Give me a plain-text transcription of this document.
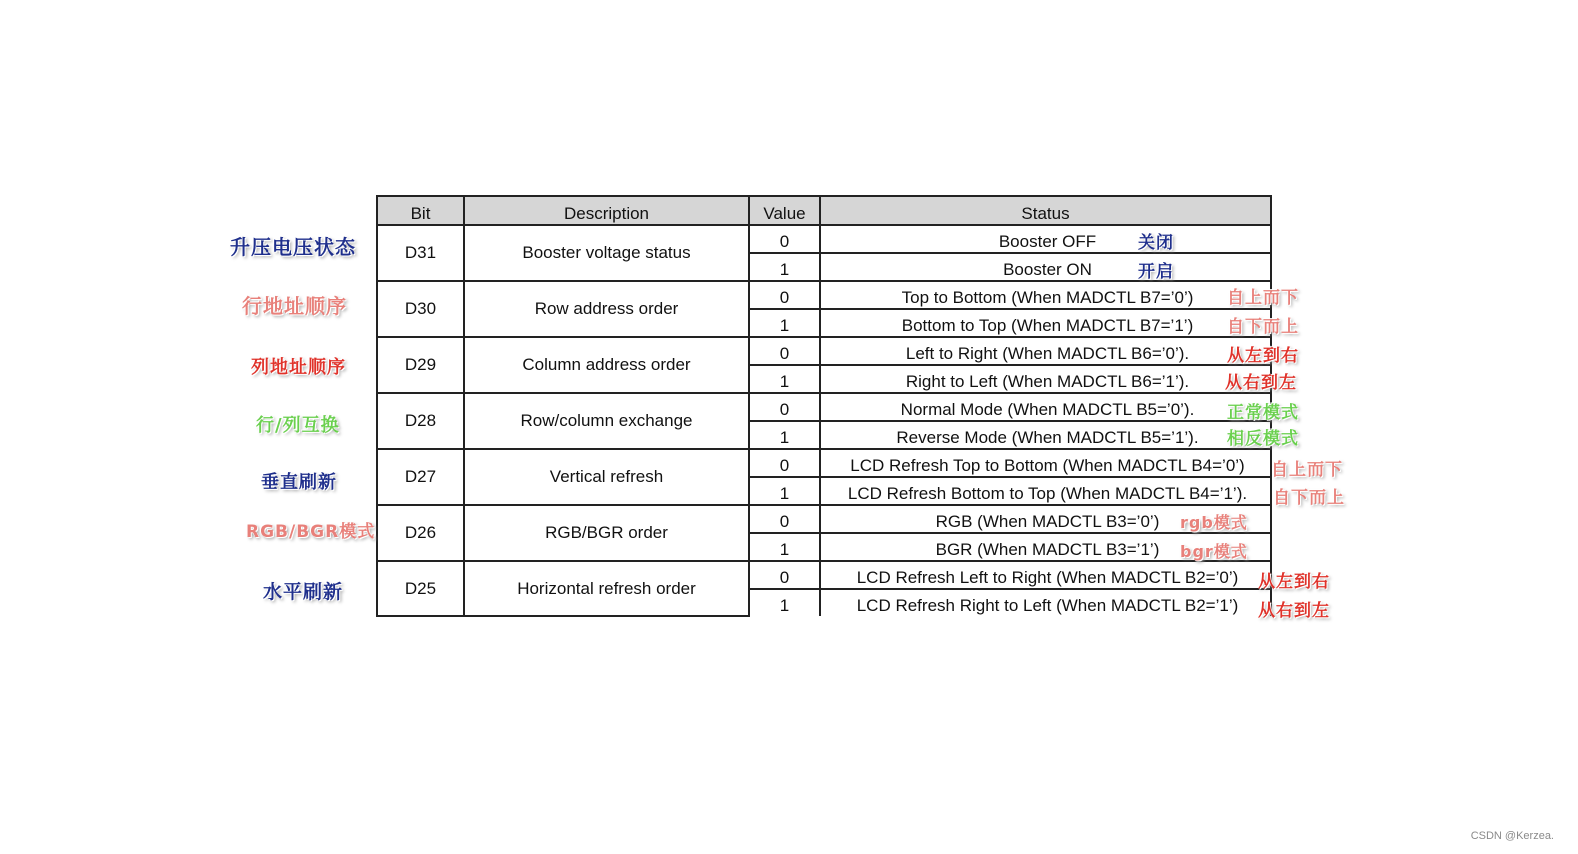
Bit	Description	Value	Status
D31	Booster voltage status	0	Booster OFF
		1	Booster ON
D30	Row address order	0	Top to Bottom (When MADCTL B7=’0’)
		1	Bottom to Top (When MADCTL B7=’1’)
D29	Column address order	0	Left to Right (When MADCTL B6=’0’).
		1	Right to Left (When MADCTL B6=’1’).
D28	Row/column exchange	0	Normal Mode (When MADCTL B5=’0’).
		1	Reverse Mode (When MADCTL B5=’1’).
D27	Vertical refresh	0	LCD Refresh Top to Bottom (When MADCTL B4=’0’)
		1	LCD Refresh Bottom to Top (When MADCTL B4=’1’).
D26	RGB/BGR order	0	RGB (When MADCTL B3=’0’)
		1	BGR (When MADCTL B3=’1’)
D25	Horizontal refresh order	0	LCD Refresh Left to Right (When MADCTL B2=’0’)
		1	LCD Refresh Right to Left (When MADCTL B2=’1’)
升压电压状态
行地址顺序
列地址顺序
行/列互换
垂直刷新
RGB/BGR模式
水平刷新
关闭
开启
自上而下
自下而上
从左到右
从右到左
正常模式
相反模式
自上而下
自下而上
rgb模式
bgr模式
从左到右
从右到左
CSDN @Kerzea.
